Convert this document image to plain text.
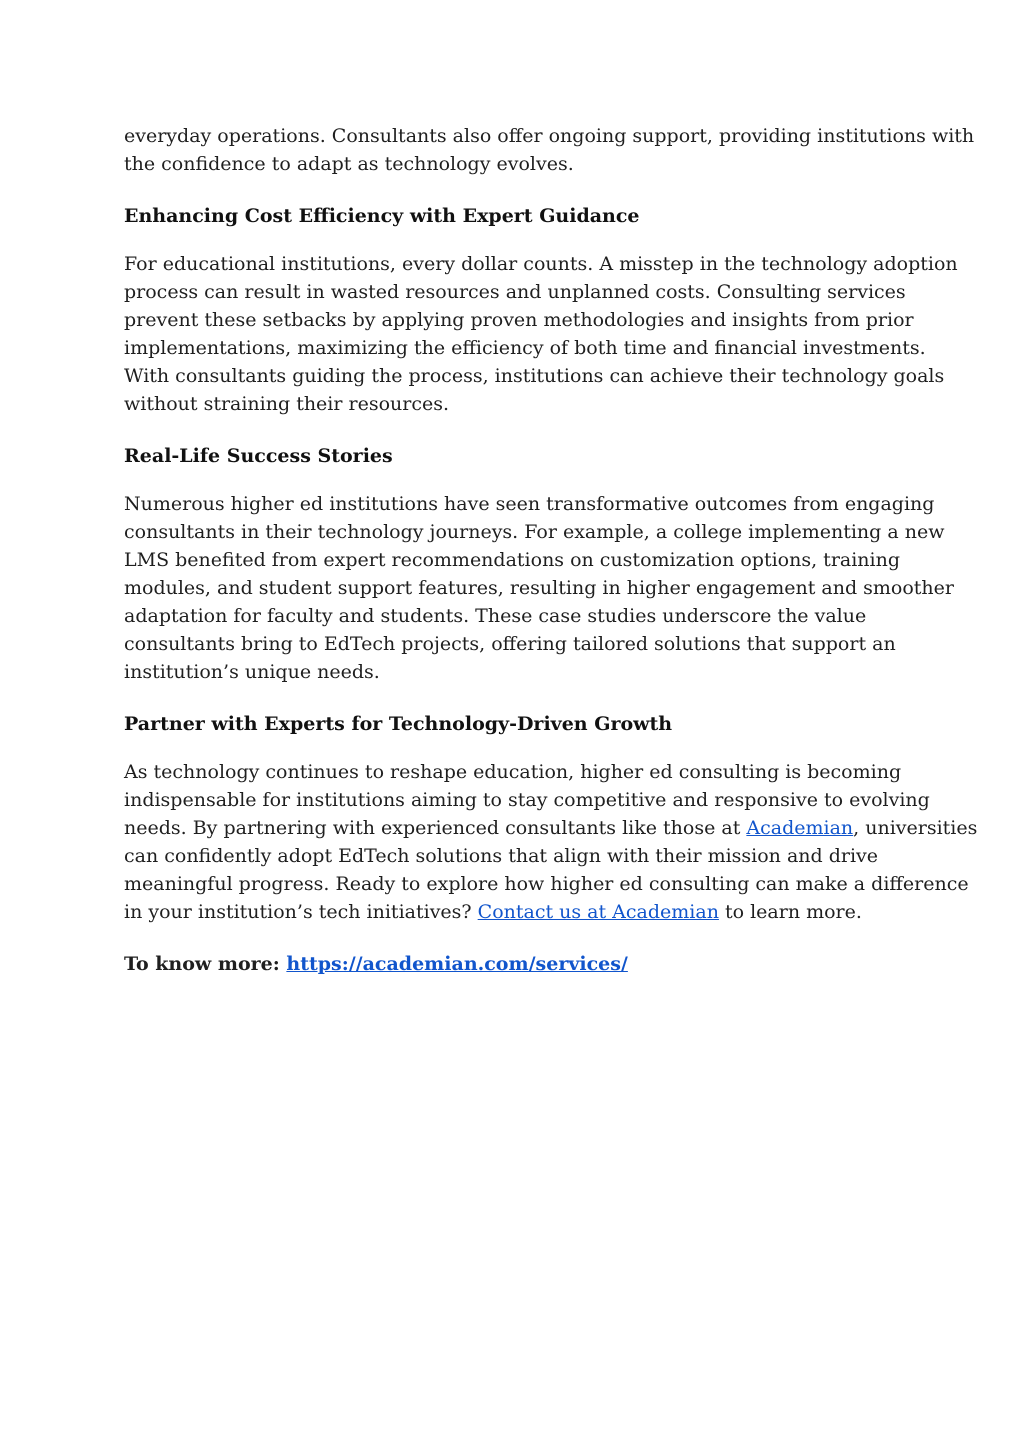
everyday operations. Consultants also offer ongoing support, providing institutions with
the confidence to adapt as technology evolves.

Enhancing Cost Efficiency with Expert Guidance

For educational institutions, every dollar counts. A misstep in the technology adoption
process can result in wasted resources and unplanned costs. Consulting services
prevent these setbacks by applying proven methodologies and insights from prior
implementations, maximizing the efficiency of both time and financial investments.
With consultants guiding the process, institutions can achieve their technology goals
without straining their resources.

Real-Life Success Stories

Numerous higher ed institutions have seen transformative outcomes from engaging
consultants in their technology journeys. For example, a college implementing a new
LMS benefited from expert recommendations on customization options, training
modules, and student support features, resulting in higher engagement and smoother
adaptation for faculty and students. These case studies underscore the value
consultants bring to EdTech projects, offering tailored solutions that support an
institution’s unique needs.

Partner with Experts for Technology-Driven Growth

As technology continues to reshape education, higher ed consulting is becoming
indispensable for institutions aiming to stay competitive and responsive to evolving
needs. By partnering with experienced consultants like those at Academian, universities
can confidently adopt EdTech solutions that align with their mission and drive
meaningful progress. Ready to explore how higher ed consulting can make a difference
in your institution’s tech initiatives? Contact us at Academian to learn more.

To know more: https://academian.com/services/
